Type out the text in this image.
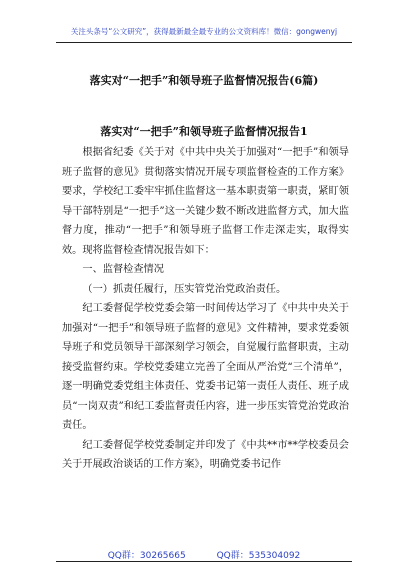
关注头条号“公文研究”，获得最新最全最专业的公文资料库！微信：gongwenyj
落实对“一把手”和领导班子监督情况报告(6篇)
落实对“一把手”和领导班子监督情况报告1

根据省纪委《关于对《中共中央关于加强对“一把手”和领导班子监督的意见》贯彻落实情况开展专项监督检查的工作方案》要求，学校纪工委牢牢抓住监督这一基本职责第一职责，紧盯领导干部特别是“一把手”这一关键少数不断改进监督方式，加大监督力度，推动“一把手”和领导班子监督工作走深走实，取得实效。现将监督检查情况报告如下：

一、监督检查情况

（一）抓责任履行，压实管党治党政治责任。

纪工委督促学校党委会第一时间传达学习了《中共中央关于加强对“一把手”和领导班子监督的意见》文件精神，要求党委领导班子和党员领导干部深刻学习领会，自觉履行监督职责，主动接受监督约束。学校党委建立完善了全面从严治党“三个清单”，逐一明确党委党组主体责任、党委书记第一责任人责任、班子成员“一岗双责”和纪工委监督责任内容，进一步压实管党治党政治责任。

纪工委督促学校党委制定并印发了《中共**市**学校委员会关于开展政治谈话的工作方案》，明确党委书记作

QQ群：30265665	QQ群：535304092
